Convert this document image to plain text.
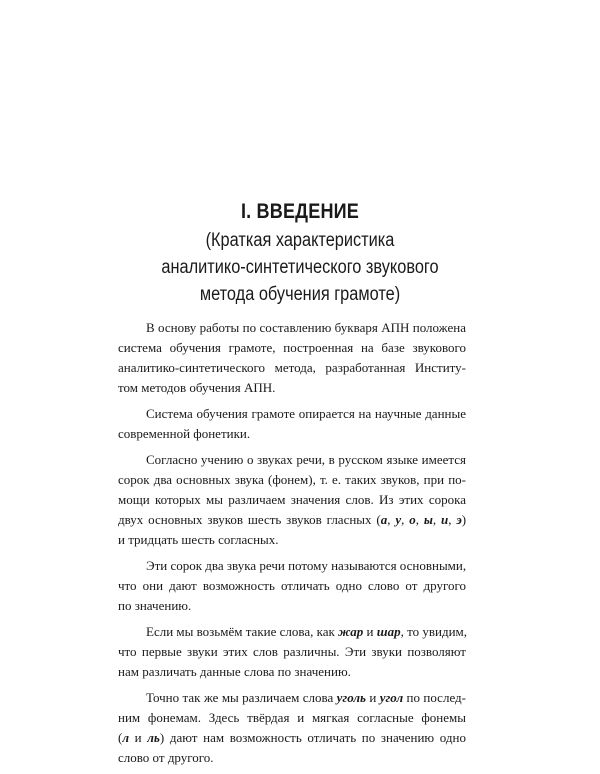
I. ВВЕДЕНИЕ
(Краткая характеристика
аналитико-синтетического звукового
метода обучения грамоте)

В основу работы по составлению букваря АПН положена
система обучения грамоте, построенная на базе звукового
аналитико-синтетического метода, разработанная Институ-
том методов обучения АПН.

Система обучения грамоте опирается на научные данные
современной фонетики.

Согласно учению о звуках речи, в русском языке имеется
сорок два основных звука (фонем), т. е. таких звуков, при по-
мощи которых мы различаем значения слов. Из этих сорока
двух основных звуков шесть звуков гласных (а, у, о, ы, и, э)
и тридцать шесть согласных.

Эти сорок два звука речи потому называются основными,
что они дают возможность отличать одно слово от другого
по значению.

Если мы возьмём такие слова, как жар и шар, то увидим,
что первые звуки этих слов различны. Эти звуки позволяют
нам различать данные слова по значению.

Точно так же мы различаем слова уголь и угол по послед-
ним фонемам. Здесь твёрдая и мягкая согласные фонемы
(л и ль) дают нам возможность отличать по значению одно
слово от другого.
